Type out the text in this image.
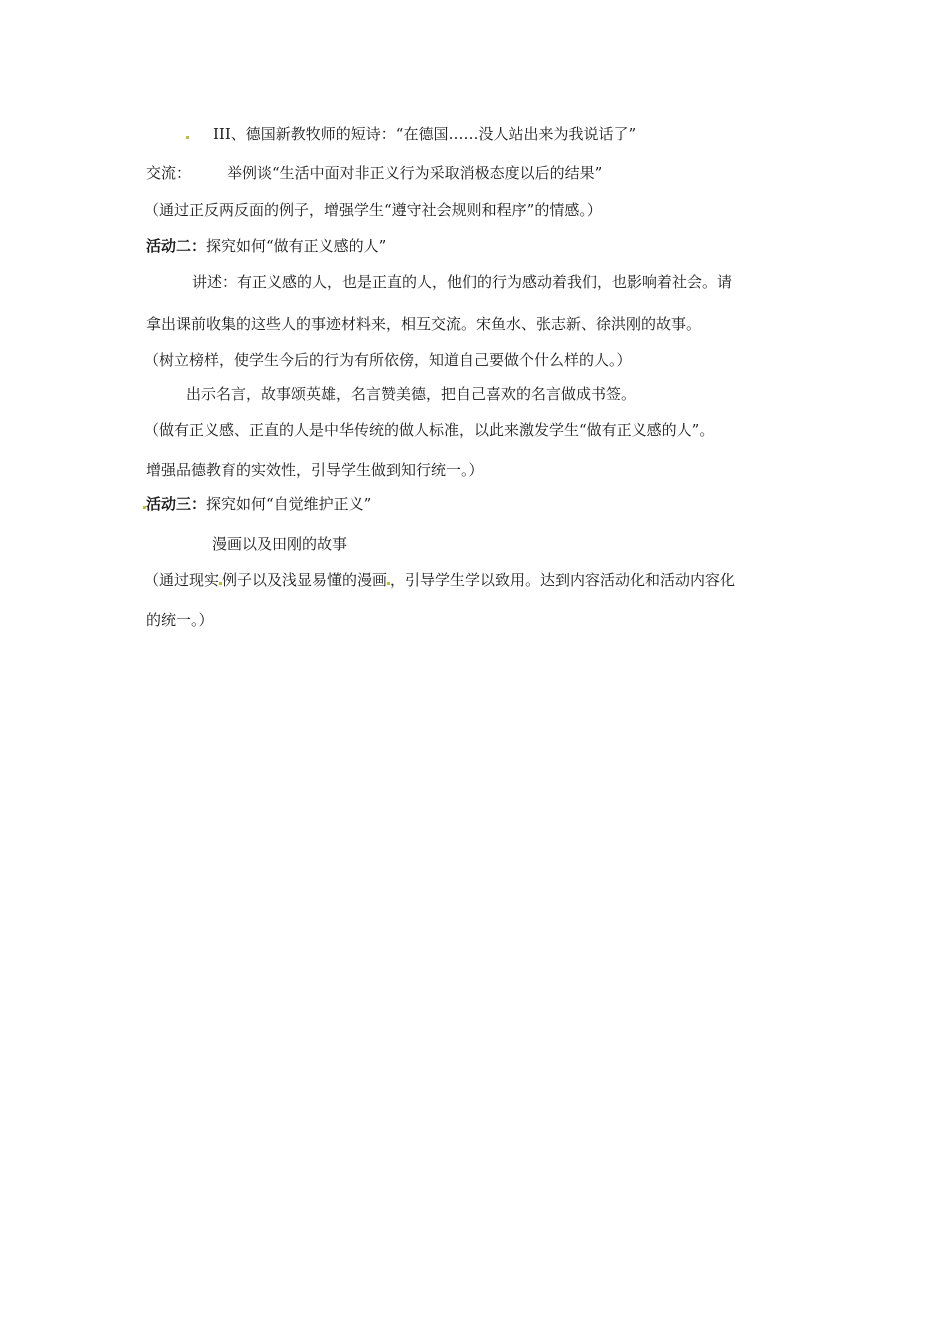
III、德国新教牧师的短诗：“在德国……没人站出来为我说话了”
交流： 举例谈“生活中面对非正义行为采取消极态度以后的结果”
（通过正反两反面的例子，增强学生“遵守社会规则和程序”的情感。）
活动二：探究如何“做有正义感的人”
讲述：有正义感的人，也是正直的人，他们的行为感动着我们，也影响着社会。请
拿出课前收集的这些人的事迹材料来，相互交流。宋鱼水、张志新、徐洪刚的故事。
（树立榜样，使学生今后的行为有所依傍，知道自己要做个什么样的人。）
出示名言，故事颂英雄，名言赞美德，把自己喜欢的名言做成书签。
（做有正义感、正直的人是中华传统的做人标准，以此来激发学生“做有正义感的人”。
增强品德教育的实效性，引导学生做到知行统一。）
活动三：探究如何“自觉维护正义”
漫画以及田刚的故事
（通过现实 例子以及浅显易懂的漫画 ，引导学生学以致用。达到内容活动化和活动内容化
的统一。）
